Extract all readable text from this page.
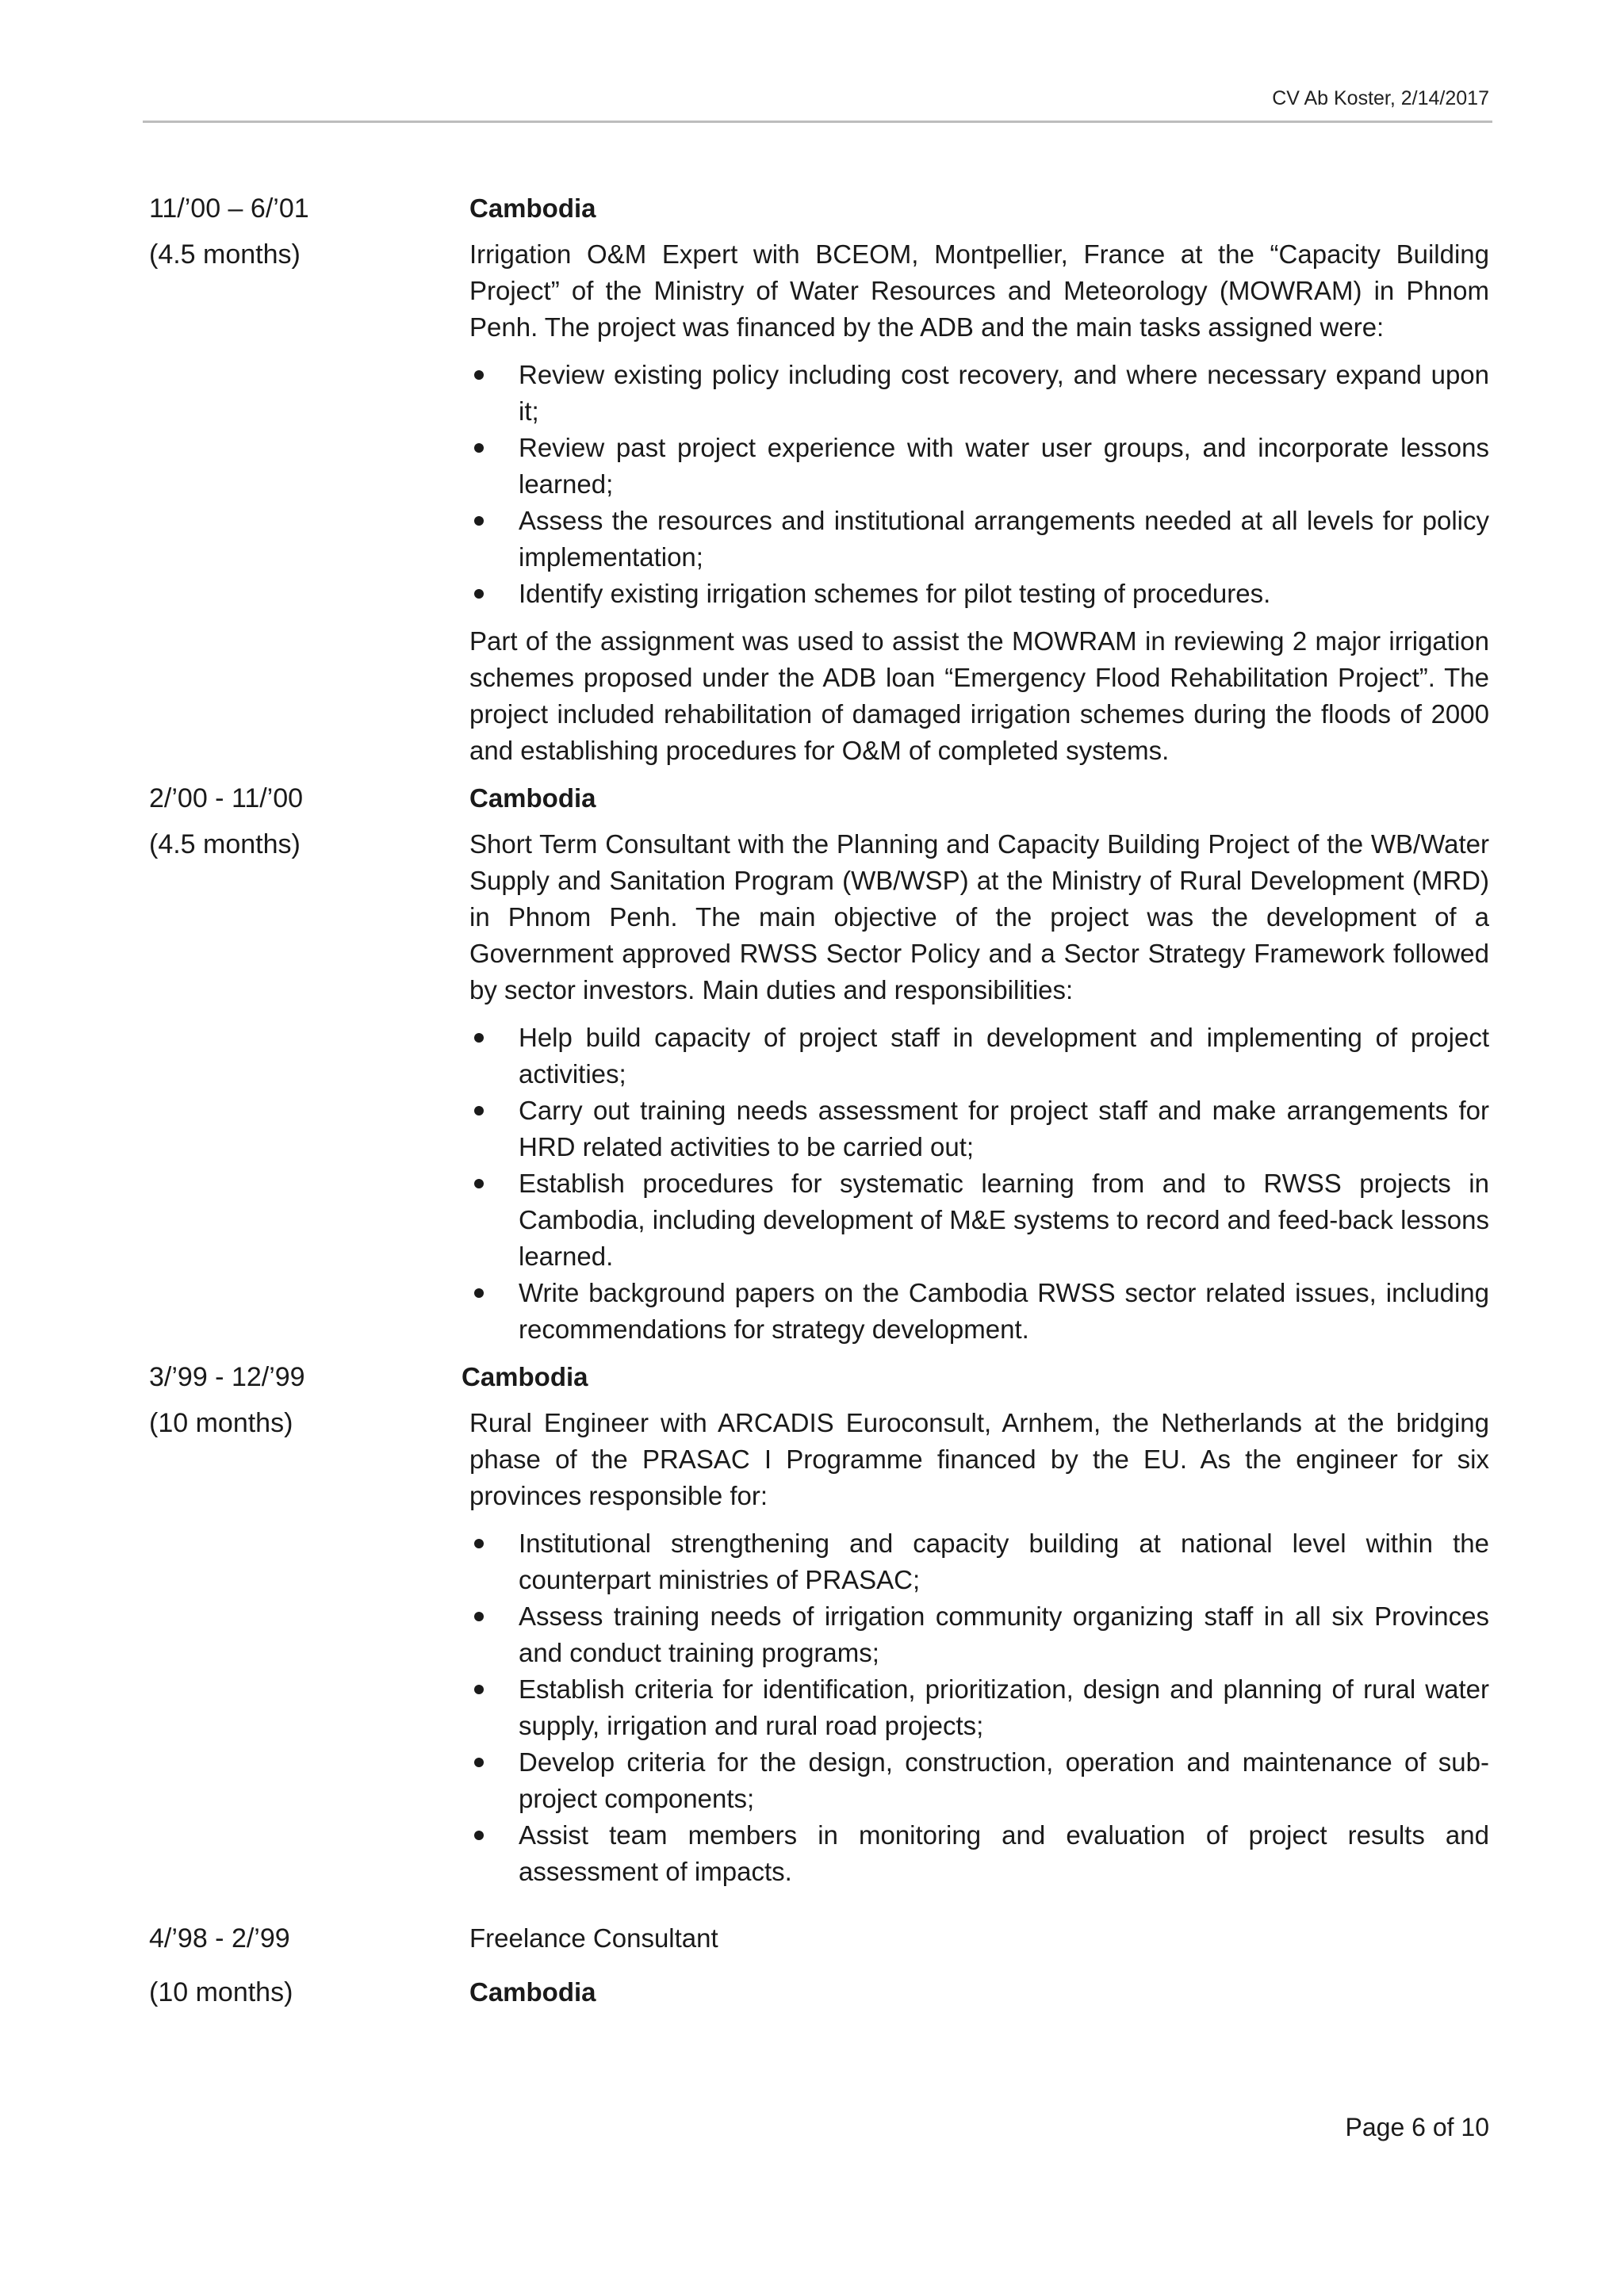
CV Ab Koster, 2/14/2017
11/’00 – 6/’01	Cambodia
(4.5 months)	Irrigation O&M Expert with BCEOM, Montpellier, France at the “Capacity Building Project” of the Ministry of Water Resources and Meteorology (MOWRAM) in Phnom Penh. The project was financed by the ADB and the main tasks assigned were:
Review existing policy including cost recovery, and where necessary expand upon it;
Review past project experience with water user groups, and incorporate lessons learned;
Assess the resources and institutional arrangements needed at all levels for policy implementation;
Identify existing irrigation schemes for pilot testing of procedures.
Part of the assignment was used to assist the MOWRAM in reviewing 2 major irrigation schemes proposed under the ADB loan “Emergency Flood Rehabilitation Project”. The project included rehabilitation of damaged irrigation schemes during the floods of 2000 and establishing procedures for O&M of completed systems.
2/’00 - 11/’00	Cambodia
(4.5 months)	Short Term Consultant with the Planning and Capacity Building Project of the WB/Water Supply and Sanitation Program (WB/WSP) at the Ministry of Rural Development (MRD) in Phnom Penh. The main objective of the project was the development of a Government approved RWSS Sector Policy and a Sector Strategy Framework followed by sector investors. Main duties and responsibilities:
Help build capacity of project staff in development and implementing of project activities;
Carry out training needs assessment for project staff and make arrangements for HRD related activities to be carried out;
Establish procedures for systematic learning from and to RWSS projects in Cambodia, including development of M&E systems to record and feed-back lessons learned.
Write background papers on the Cambodia RWSS sector related issues, including recommendations for strategy development.
3/’99 - 12/’99	Cambodia
(10 months)	Rural Engineer with ARCADIS Euroconsult, Arnhem, the Netherlands at the bridging phase of the PRASAC I Programme financed by the EU. As the engineer for six provinces responsible for:
Institutional strengthening and capacity building at national level within the counterpart ministries of PRASAC;
Assess training needs of irrigation community organizing staff in all six Provinces and conduct training programs;
Establish criteria for identification, prioritization, design and planning of rural water supply, irrigation and rural road projects;
Develop criteria for the design, construction, operation and maintenance of sub-project components;
Assist team members in monitoring and evaluation of project results and assessment of impacts.
4/’98 - 2/’99	Freelance Consultant
(10 months)	Cambodia
Page 6 of 10
